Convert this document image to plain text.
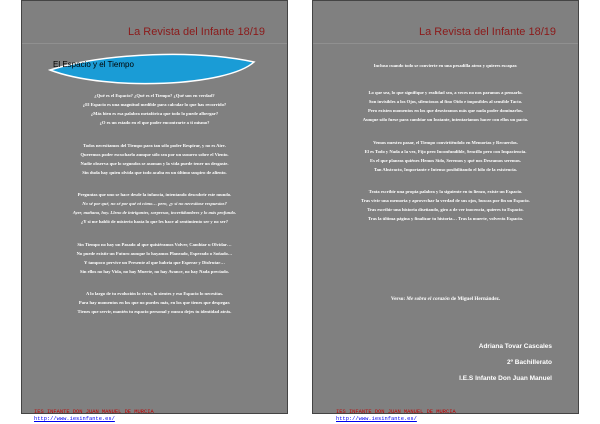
La Revista del Infante 18/19
El Espacio y el Tiempo
¿Qué es el Espacio? ¿Qué es el Tiempo? ¿Qué son en verdad?
¿El Espacio es una magnitud medible para calcular lo que has recorrido?
¿Más bien es esa palabra metafórica que todo lo puede albergar?
¿O es un estado en el que poder encontrarte a ti mismo?
Todos necesitamos del Tiempo para tan sólo poder Respirar, y no es Aire.
Queremos poder escucharlo aunque sólo sea por un susurro sobre el Viento.
Nadie observa que lo segundos se asoman y la vida puede tener un desgaste.
Sin duda hay quien olvida que todo acaba en un último suspiro de aliento.
Preguntas que uno se hace desde la infancia, intentando descubrir este mundo.
No sé por qué, no sé por qué ni cómo… pero, ¿y si no necesitase respuestas?
Ayer, mañana, hoy. Lleno de intrigantes, sorpresas, incertidumbres y lo más profundo.
¿Y si me habló de misterio hasta lo que les hace al sentimiento ser y no ser?
Sin Tiempo no hay un Pasado al que quisiéramos Volver, Cambiar u Olvidar…
No puede existir un Futuro aunque lo hayamos Planeado, Esperado o Soñado…
Y tampoco pervive un Presente al que habría que Esperar y Disfrutar…
Sin ellos no hay Vida, no hay Muerte, no hay Avance, no hay Nada preciado.
A lo largo de tu evolución lo vives, lo sientes y eso Espacio lo necesitas.
Para hay momentos en los que no puedes más, en los que tienes que despegar.
Tienes que servir, mantén tu espacio personal y nunca dejes tu identidad atrás.
La Revista del Infante 18/19
Incluso cuando todo se convierte en una pesadilla atroz y quieres escapar.
Lo que sea, lo que signifique y realidad sea, a veces no nos paramos a pensarlo.
Son invisibles a los Ojos, silenciosos al fino Oído e imposibles al sensible Tacto.
Pero existen momentos en los que deseáramos más que nada poder dominarlos.
Aunque sólo fuese para cambiar un Instante, intentaríamos hacer con ellos un pacto.
Vemos nuestro pasar, el Tiempo convirtiéndolo en Memorias y Recuerdos.
El es Todo y Nada a la vez, Fijo pero Inconfundible, Sencillo pero con Impaciencia.
Es el que planeas quiénes Hemos Sido, Seremos y qué nos Deseamos seremos.
Tan Abstracto, Importante e Intenso posibilitando el hilo de la existencia.
Trata escribir una propia palabra y la siguiente en tu lienzo, existe un Espacio.
Tras vivir una memoria y aprovechar la verdad de sus ojos, buscas por fin un Espacio.
Tras escribir una historia diseñando, giro a de ver inocencia, quieres tu Espacio.
Tras la última página y finalizar tu historia… Tras la muerte, volverás Espacio.
Verso: Me sobra el corazón de Miguel Hernández.
Adriana Tovar Cascales
2º Bachillerato
I.E.S Infante Don Juan Manuel
IES INFANTE DON JUAN MANUEL DE MURCIA
http://www.iesinfante.es/
IES INFANTE DON JUAN MANUEL DE MURCIA
http://www.iesinfante.es/
